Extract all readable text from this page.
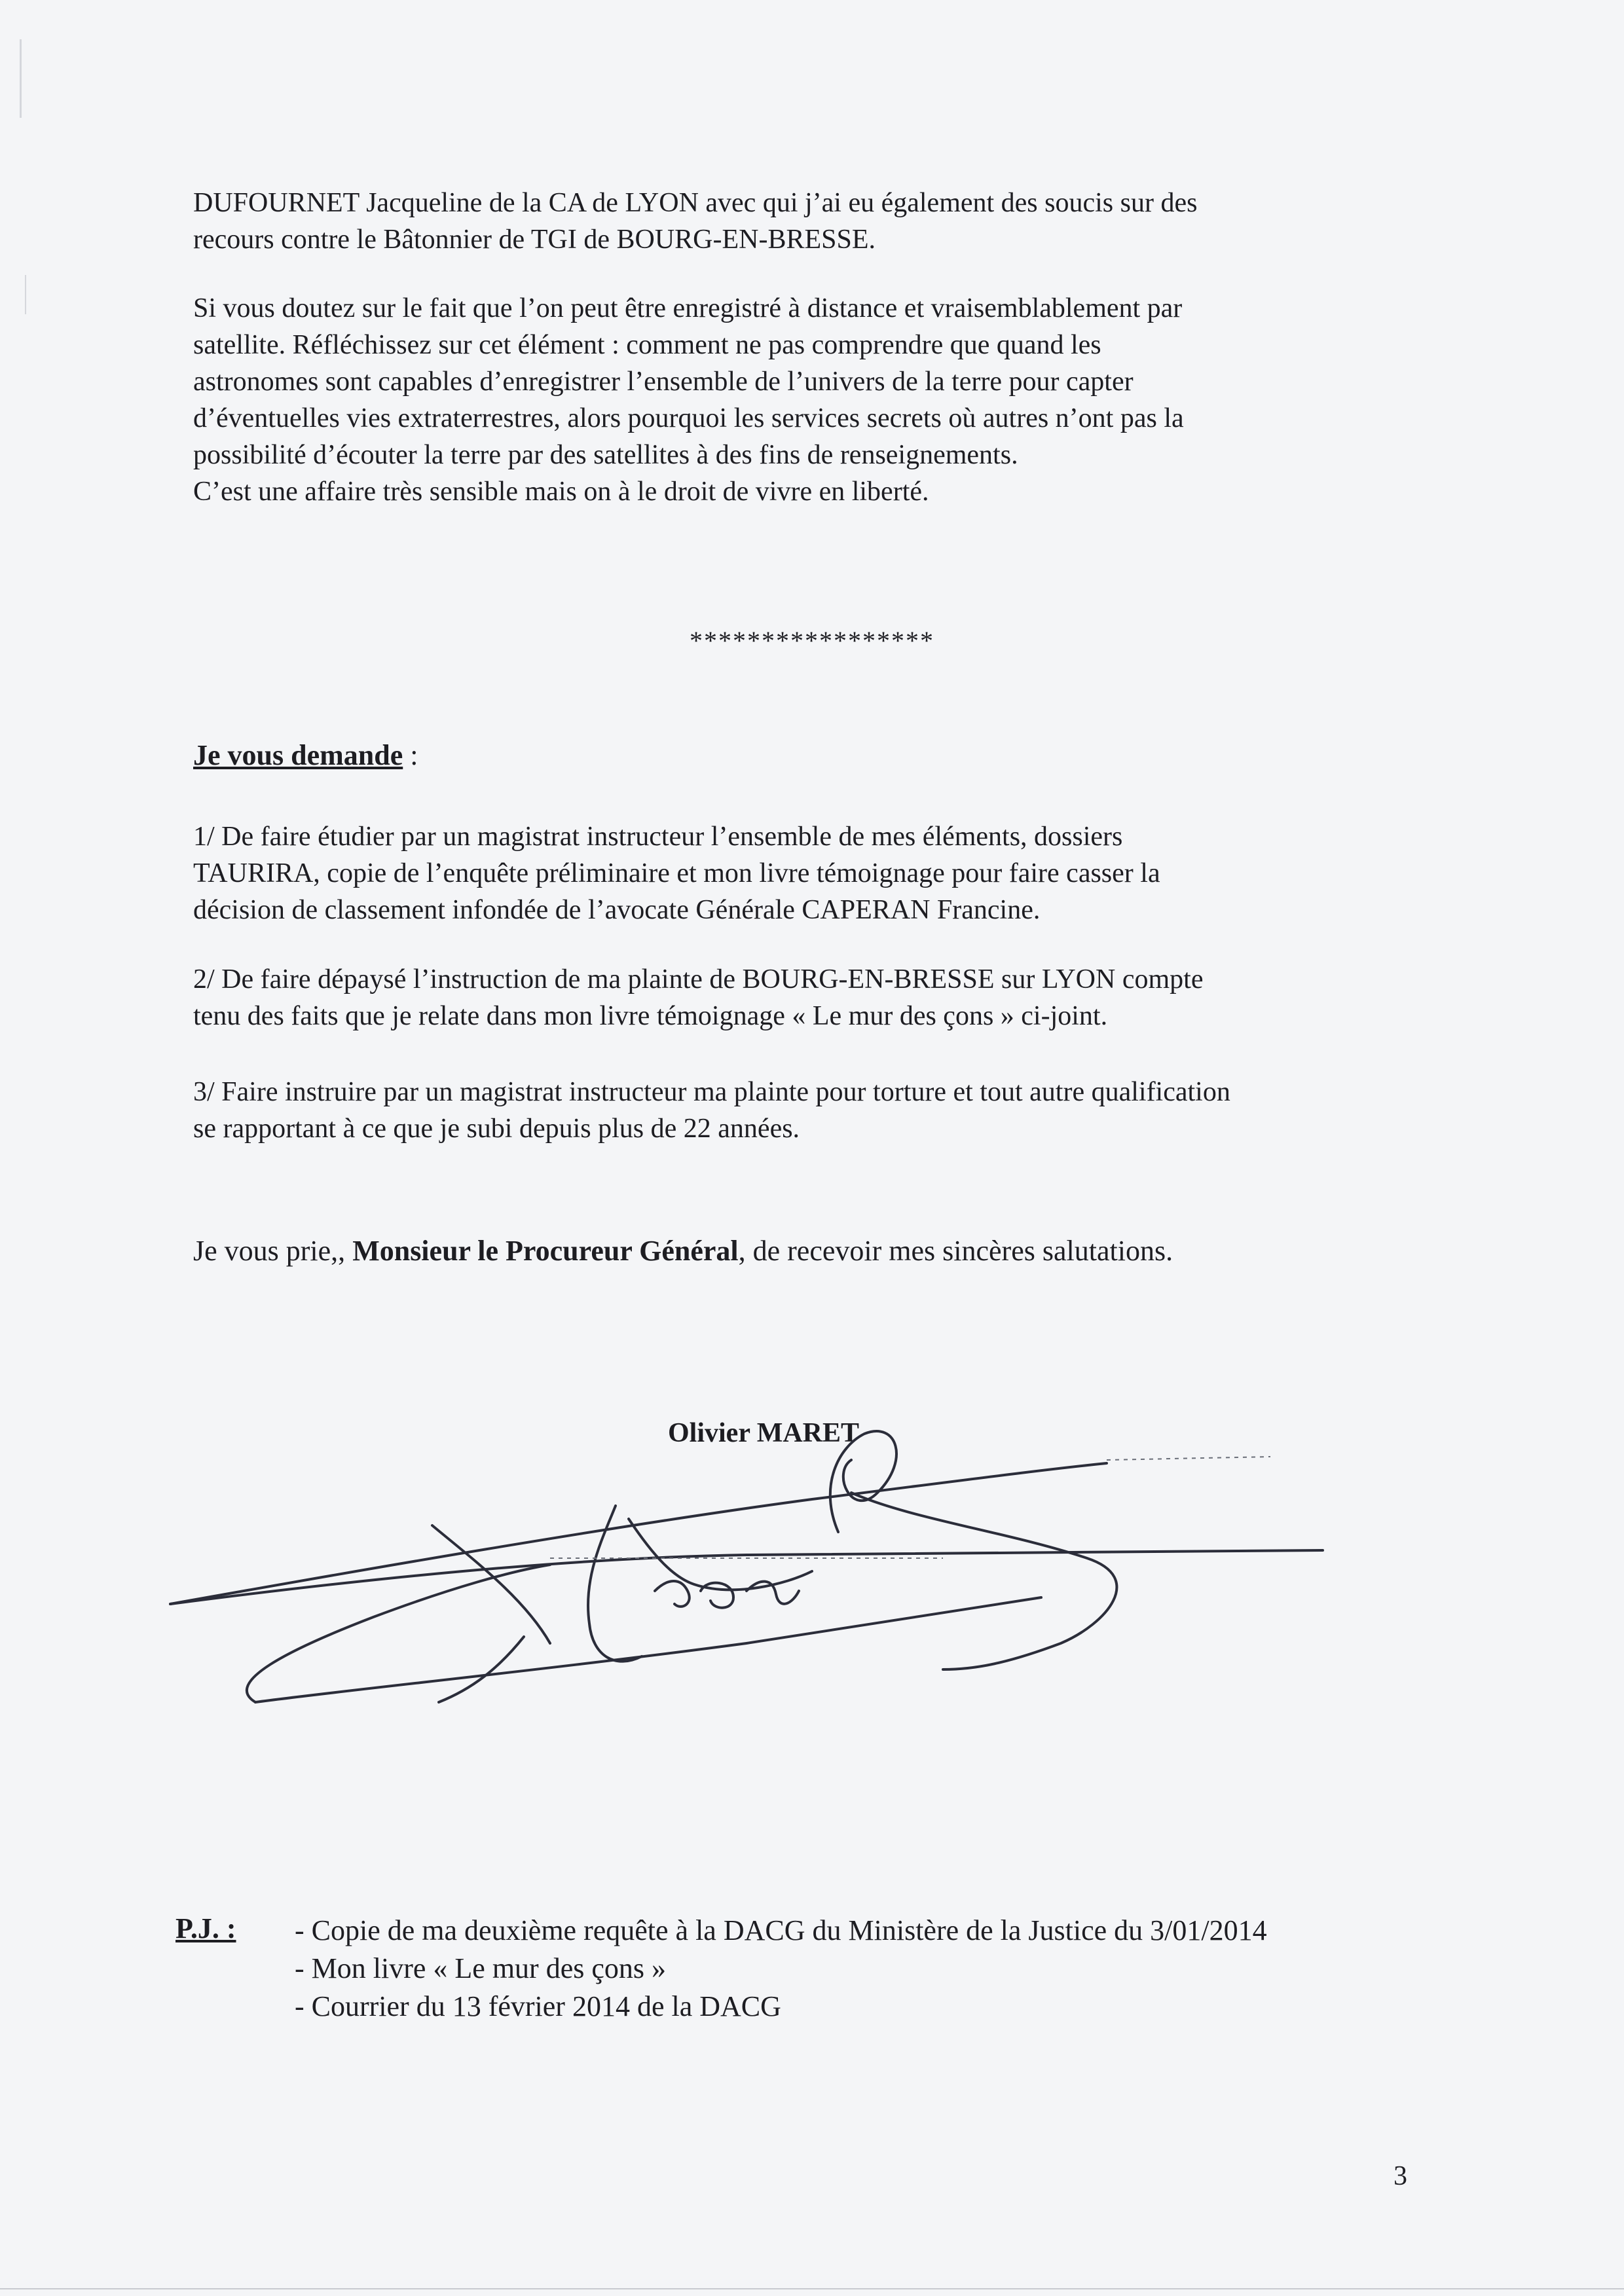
DUFOURNET Jacqueline de la CA de LYON avec qui j’ai eu également des soucis sur des
recours contre le Bâtonnier de TGI de BOURG-EN-BRESSE.
Si vous doutez sur le fait que l’on peut être enregistré à distance et vraisemblablement par
satellite. Réfléchissez sur cet élément : comment ne pas comprendre que quand les
astronomes sont capables d’enregistrer l’ensemble de l’univers de la terre pour capter
d’éventuelles vies extraterrestres, alors pourquoi les services secrets où autres n’ont pas la
possibilité d’écouter la terre par des satellites à des fins de renseignements.
C’est une affaire très sensible mais on à le droit de vivre en liberté.
*****************
Je vous demande :
1/ De faire étudier par un magistrat instructeur l’ensemble de mes éléments, dossiers
TAURIRA, copie de l’enquête préliminaire et mon livre témoignage pour faire casser la
décision de classement infondée de l’avocate Générale CAPERAN Francine.
2/ De faire dépaysé l’instruction de ma plainte de BOURG-EN-BRESSE sur LYON compte
tenu des faits que je relate dans mon livre témoignage « Le mur des çons » ci-joint.
3/ Faire instruire par un magistrat instructeur ma plainte pour torture et tout autre qualification
se rapportant à ce que je subi depuis plus de 22 années.
Je vous prie,, Monsieur le Procureur Général, de recevoir mes sincères salutations.
Olivier MARET
P.J. : - Copie de ma deuxième requête à la DACG du Ministère de la Justice du 3/01/2014
- Mon livre « Le mur des çons »
- Courrier du 13 février 2014 de la DACG
3
